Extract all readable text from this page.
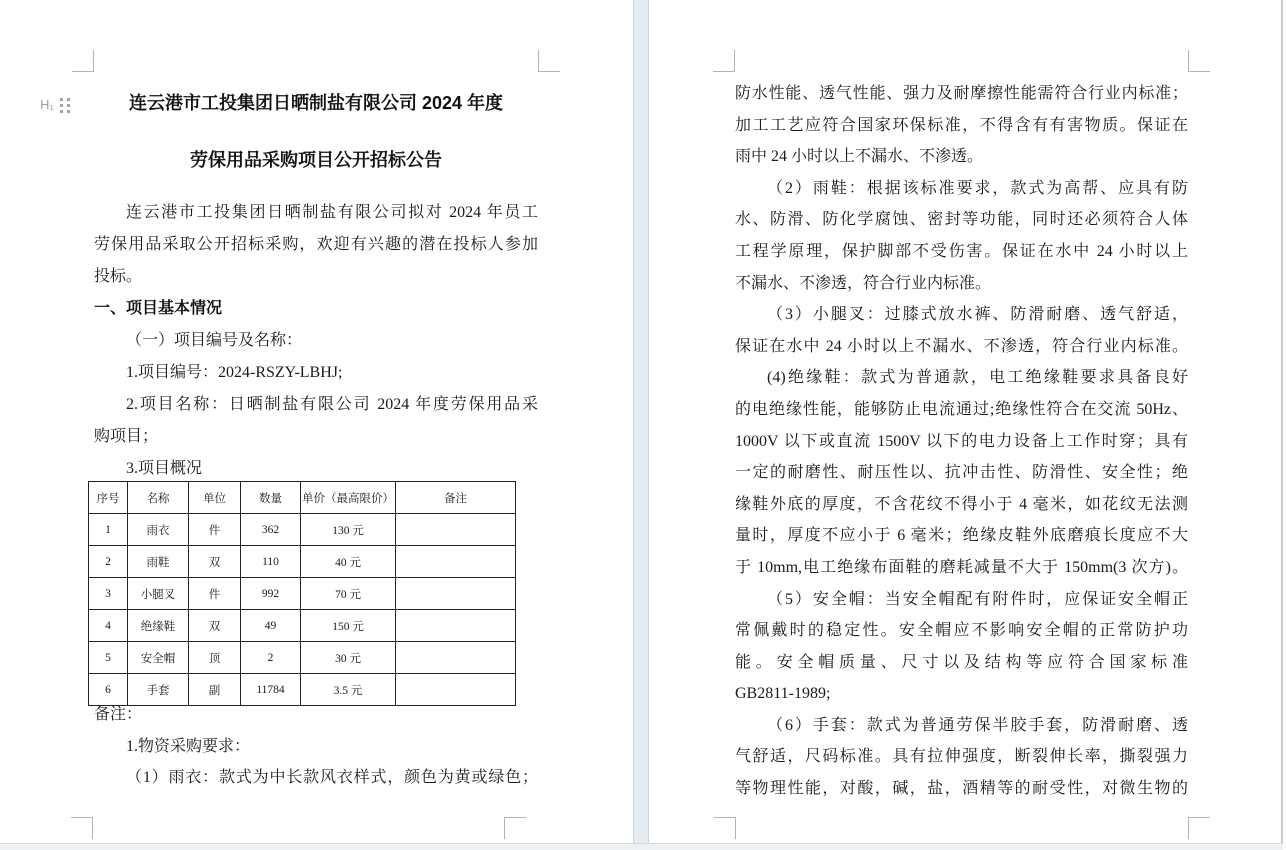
H₁	连云港市工投集团日晒制盐有限公司 2024 年度
劳保用品采购项目公开招标公告
连云港市工投集团日晒制盐有限公司拟对 2024 年员工
劳保用品采取公开招标采购，欢迎有兴趣的潜在投标人参加
投标。
一、项目基本情况
（一）项目编号及名称：
1.项目编号：2024-RSZY-LBHJ;
2.项目名称：日晒制盐有限公司 2024 年度劳保用品采
购项目；
3.项目概况
序号	名称	单位	数量	单价（最高限价）	备注
1	雨衣	件	362	130 元	
2	雨鞋	双	110	40 元	
3	小腿叉	件	992	70 元	
4	绝缘鞋	双	49	150 元	
5	安全帽	顶	2	30 元	
6	手套	副	11784	3.5 元	
备注：
1.物资采购要求：
（1）雨衣：款式为中长款风衣样式，颜色为黄或绿色；
防水性能、透气性能、强力及耐摩擦性能需符合行业内标准；
加工工艺应符合国家环保标准，不得含有有害物质。保证在
雨中 24 小时以上不漏水、不渗透。
（2）雨鞋：根据该标准要求，款式为高帮、应具有防
水、防滑、防化学腐蚀、密封等功能，同时还必须符合人体
工程学原理，保护脚部不受伤害。保证在水中 24 小时以上
不漏水、不渗透，符合行业内标准。
（3）小腿叉：过膝式放水裤、防滑耐磨、透气舒适，
保证在水中 24 小时以上不漏水、不渗透，符合行业内标准。
(4)绝缘鞋：款式为普通款，电工绝缘鞋要求具备良好
的电绝缘性能，能够防止电流通过;绝缘性符合在交流 50Hz、
1000V 以下或直流 1500V 以下的电力设备上工作时穿；具有
一定的耐磨性、耐压性以、抗冲击性、防滑性、安全性；绝
缘鞋外底的厚度，不含花纹不得小于 4 毫米，如花纹无法测
量时，厚度不应小于 6 毫米；绝缘皮鞋外底磨痕长度应不大
于 10mm,电工绝缘布面鞋的磨耗减量不大于 150mm(3 次方)。
（5）安全帽：当安全帽配有附件时，应保证安全帽正
常佩戴时的稳定性。安全帽应不影响安全帽的正常防护功
能。安全帽质量、尺寸以及结构等应符合国家标准
GB2811-1989;
（6）手套：款式为普通劳保半胶手套，防滑耐磨、透
气舒适，尺码标准。具有拉伸强度，断裂伸长率，撕裂强力
等物理性能，对酸，碱，盐，酒精等的耐受性，对微生物的
